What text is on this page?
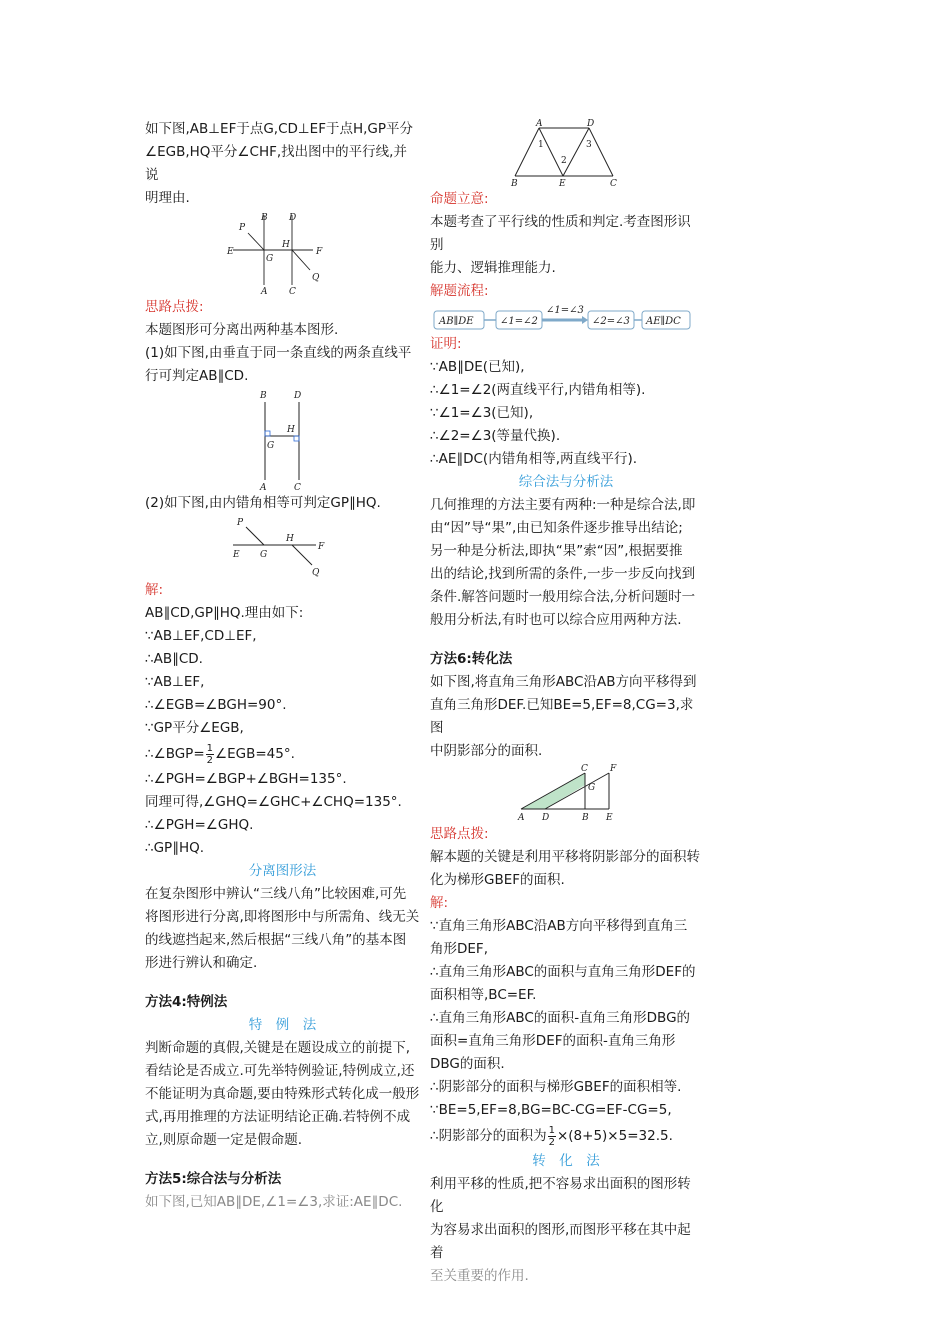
如下图,AB⊥EF于点G,CD⊥EF于点H,GP平分

∠EGB,HQ平分∠CHF,找出图中的平行线,并说

明理由.

P
B D
E
G
H
F
A C
Q

思路点拨:

本题图形可分离出两种基本图形.

(1)如下图,由垂直于同一条直线的两条直线平

行可判定AB∥CD.

B	D
H
G
A	C

(2)如下图,由内错角相等可判定GP∥HQ.

P
H
F
E G
Q

解:

AB∥CD,GP∥HQ.理由如下:

∵AB⊥EF,CD⊥EF,

∴AB∥CD.

∵AB⊥EF,

∴∠EGB=∠BGH=90°.

∵GP平分∠EGB,

∴∠BGP= $\frac{1}{2}$ ∠EGB=45°.

∴∠PGH=∠BGP+∠BGH=135°.

同理可得,∠GHQ=∠GHC+∠CHQ=135°.

∴∠PGH=∠GHQ.

∴GP∥HQ.

分离图形法

在复杂图形中辨认“三线八角”比较困难,可先

将图形进行分离,即将图形中与所需角、线无关

的线遮挡起来,然后根据“三线八角”的基本图

形进行辨认和确定.

方法4:特例法

特　例　法

判断命题的真假,关键是在题设成立的前提下,

看结论是否成立.可先举特例验证,特例成立,还

不能证明为真命题,要由特殊形式转化成一般形

式,再用推理的方法证明结论正确.若特例不成

立,则原命题一定是假命题.

方法5:综合法与分析法

如下图,已知AB∥DE,∠1=∠3,求证:AE∥DC.
A	D
1
2
3
B	E	C

命题立意:

本题考查了平行线的性质和判定.考查图形识别

能力、逻辑推理能力.

解题流程:

AB∥DE	∠1=∠2
∠1=∠3
∠2=∠3 AE∥DC

证明:

∵AB∥DE(已知),

∴∠1=∠2(两直线平行,内错角相等).

∵∠1=∠3(已知),

∴∠2=∠3(等量代换).

∴AE∥DC(内错角相等,两直线平行).

综合法与分析法

几何推理的方法主要有两种:一种是综合法,即

由“因”导“果”,由已知条件逐步推导出结论;

另一种是分析法,即执“果”索“因”,根据要推

出的结论,找到所需的条件,一步一步反向找到

条件.解答问题时一般用综合法,分析问题时一

般用分析法,有时也可以综合应用两种方法.

方法6:转化法

如下图,将直角三角形ABC沿AB方向平移得到

直角三角形DEF.已知BE=5,EF=8,CG=3,求图

中阴影部分的面积.

C F
G
A D	B E

思路点拨:

解本题的关键是利用平移将阴影部分的面积转

化为梯形GBEF的面积.

解:

∵直角三角形ABC沿AB方向平移得到直角三

角形DEF,

∴直角三角形ABC的面积与直角三角形DEF的

面积相等,BC=EF.

∴直角三角形ABC的面积-直角三角形DBG的

面积=直角三角形DEF的面积-直角三角形

DBG的面积.

∴阴影部分的面积与梯形GBEF的面积相等.

∵BE=5,EF=8,BG=BC-CG=EF-CG=5,

∴阴影部分的面积为 $\frac{1}{2} \times(8+5)\times 5=32.5$.

转　化　法

利用平移的性质,把不容易求出面积的图形转化

为容易求出面积的图形,而图形平移在其中起着

至关重要的作用.
